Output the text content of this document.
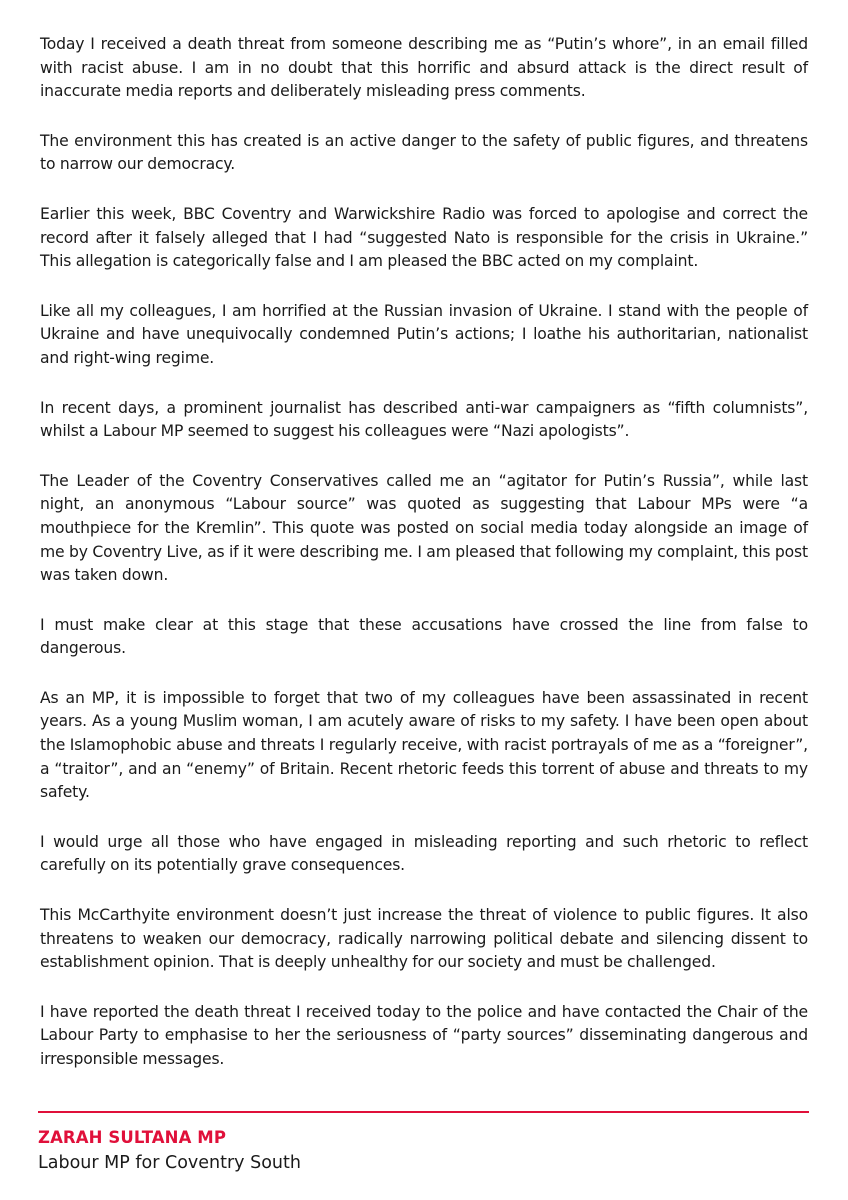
Today I received a death threat from someone describing me as “Putin’s whore”, in an email filled with racist abuse. I am in no doubt that this horrific and absurd attack is the direct result of inaccurate media reports and deliberately misleading press comments.

The environment this has created is an active danger to the safety of public figures, and threatens to narrow our democracy.

Earlier this week, BBC Coventry and Warwickshire Radio was forced to apologise and correct the record after it falsely alleged that I had “suggested Nato is responsible for the crisis in Ukraine.” This allegation is categorically false and I am pleased the BBC acted on my complaint.

Like all my colleagues, I am horrified at the Russian invasion of Ukraine. I stand with the people of Ukraine and have unequivocally condemned Putin’s actions; I loathe his authoritarian, nationalist and right-wing regime.

In recent days, a prominent journalist has described anti-war campaigners as “fifth columnists”, whilst a Labour MP seemed to suggest his colleagues were “Nazi apologists”.

The Leader of the Coventry Conservatives called me an “agitator for Putin’s Russia”, while last night, an anonymous “Labour source” was quoted as suggesting that Labour MPs were “a mouthpiece for the Kremlin”. This quote was posted on social media today alongside an image of me by Coventry Live, as if it were describing me. I am pleased that following my complaint, this post was taken down.

I must make clear at this stage that these accusations have crossed the line from false to dangerous.

As an MP, it is impossible to forget that two of my colleagues have been assassinated in recent years. As a young Muslim woman, I am acutely aware of risks to my safety. I have been open about the Islamophobic abuse and threats I regularly receive, with racist portrayals of me as a “foreigner”, a “traitor”, and an “enemy” of Britain. Recent rhetoric feeds this torrent of abuse and threats to my safety.

I would urge all those who have engaged in misleading reporting and such rhetoric to reflect carefully on its potentially grave consequences.

This McCarthyite environment doesn’t just increase the threat of violence to public figures. It also threatens to weaken our democracy, radically narrowing political debate and silencing dissent to establishment opinion. That is deeply unhealthy for our society and must be challenged.

I have reported the death threat I received today to the police and have contacted the Chair of the Labour Party to emphasise to her the seriousness of “party sources” disseminating dangerous and irresponsible messages.

ZARAH SULTANA MP
Labour MP for Coventry South
